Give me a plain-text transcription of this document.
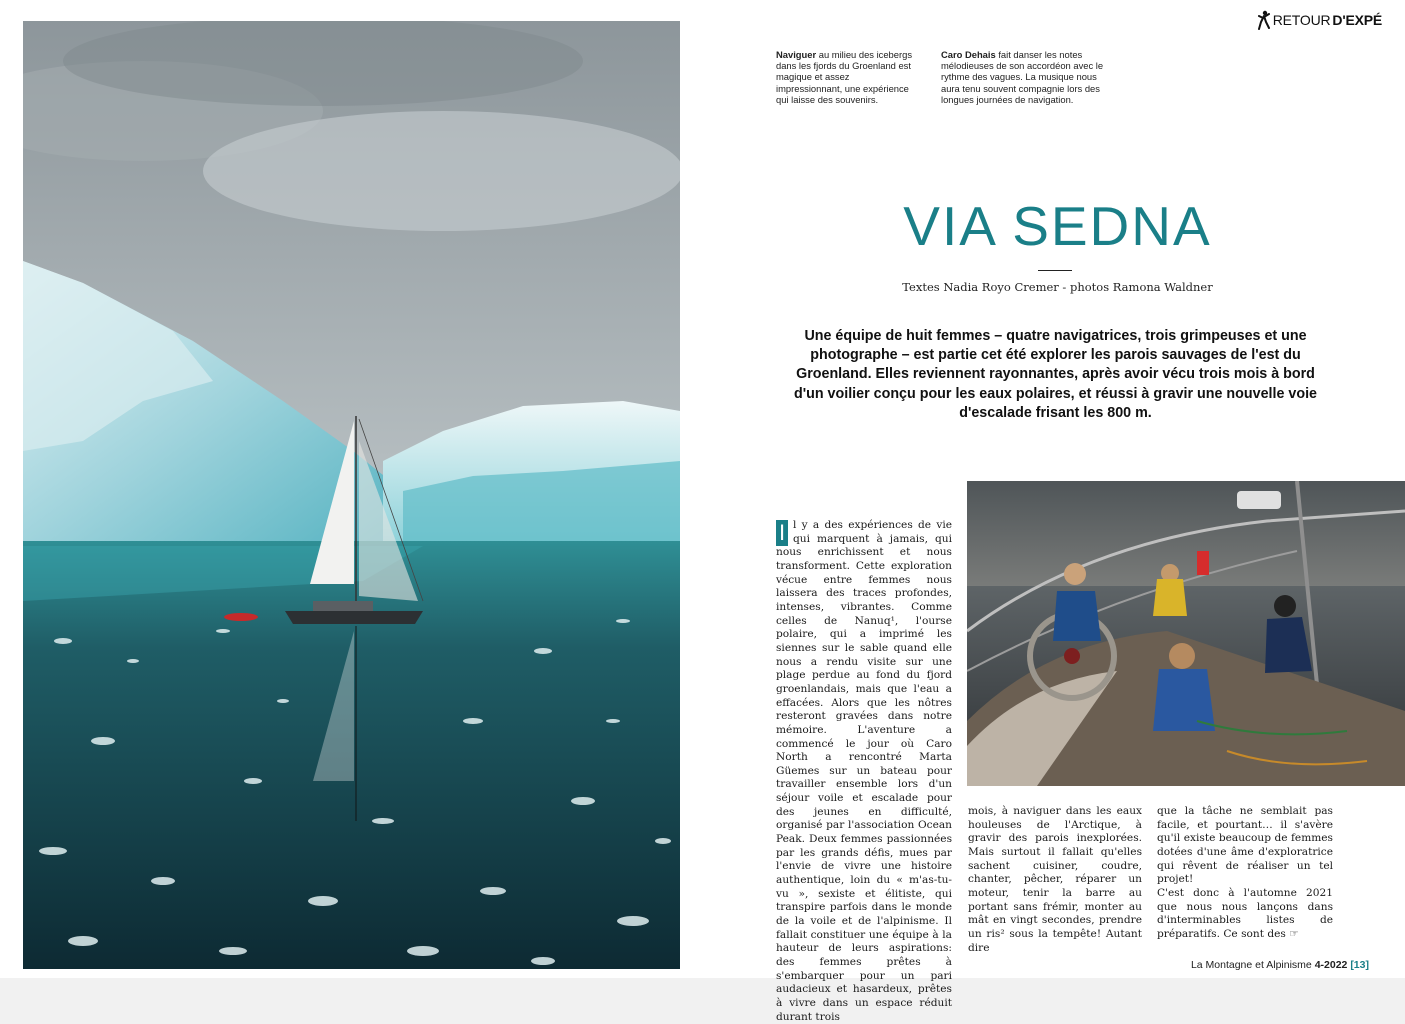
RETOUR D'EXPÉ
Naviguer au milieu des icebergs dans les fjords du Groenland est magique et assez impressionnant, une expérience qui laisse des souvenirs.
Caro Dehais fait danser les notes mélodieuses de son accordéon avec le rythme des vagues. La musique nous aura tenu souvent compagnie lors des longues journées de navigation.
VIA SEDNA
Textes Nadia Royo Cremer - photos Ramona Waldner
Une équipe de huit femmes – quatre navigatrices, trois grimpeuses et une photographe – est partie cet été explorer les parois sauvages de l'est du Groenland. Elles reviennent rayonnantes, après avoir vécu trois mois à bord d'un voilier conçu pour les eaux polaires, et réussi à gravir une nouvelle voie d'escalade frisant les 800 m.
I l y a des expériences de vie qui marquent à jamais, qui nous enrichissent et nous transforment. Cette exploration vécue entre femmes nous laissera des traces profondes, intenses, vibrantes. Comme celles de Nanuq¹, l'ourse polaire, qui a imprimé les siennes sur le sable quand elle nous a rendu visite sur une plage perdue au fond du fjord groenlandais, mais que l'eau a effacées. Alors que les nôtres resteront gravées dans notre mémoire. L'aventure a commencé le jour où Caro North a rencontré Marta Güemes sur un bateau pour travailler ensemble lors d'un séjour voile et escalade pour des jeunes en difficulté, organisé par l'association Ocean Peak. Deux femmes passionnées par les grands défis, mues par l'envie de vivre une histoire authentique, loin du « m'as-tu-vu », sexiste et élitiste, qui transpire parfois dans le monde de la voile et de l'alpinisme. Il fallait constituer une équipe à la hauteur de leurs aspirations: des femmes prêtes à s'embarquer pour un pari audacieux et hasardeux, prêtes à vivre dans un espace réduit durant trois
mois, à naviguer dans les eaux houleuses de l'Arctique, à gravir des parois inexplorées. Mais surtout il fallait qu'elles sachent cuisiner, coudre, chanter, pêcher, réparer un moteur, tenir la barre au portant sans frémir, monter au mât en vingt secondes, prendre un ris² sous la tempête! Autant dire
que la tâche ne semblait pas facile, et pourtant… il s'avère qu'il existe beaucoup de femmes dotées d'une âme d'exploratrice qui rêvent de réaliser un tel projet!
C'est donc à l'automne 2021 que nous nous lançons dans d'interminables listes de préparatifs. Ce sont des ☞
La Montagne et Alpinisme 4-2022 [13]
